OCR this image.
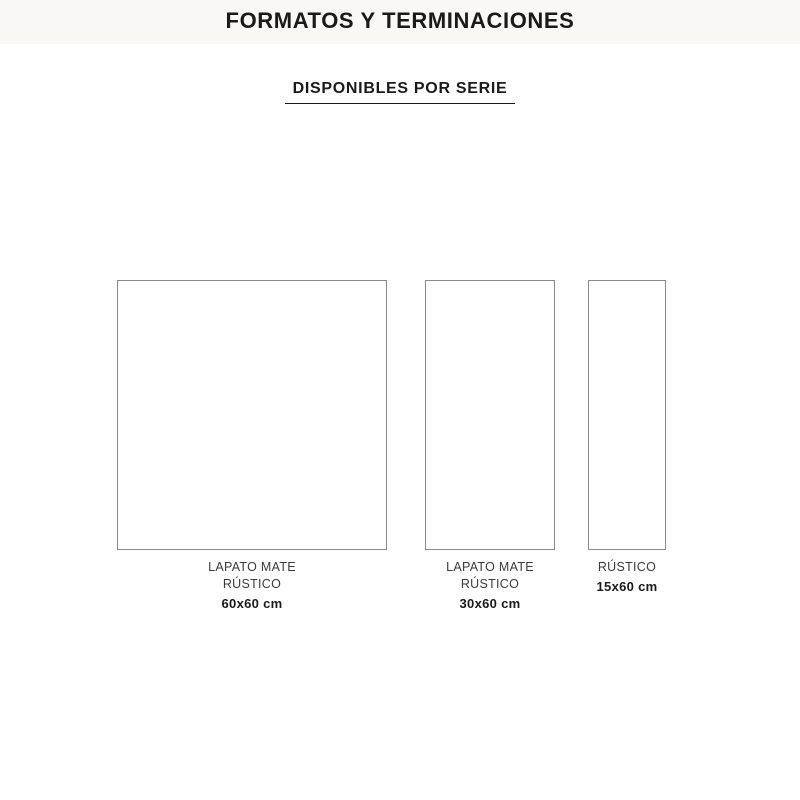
FORMATOS Y TERMINACIONES
DISPONIBLES POR SERIE
LAPATO MATE
RÚSTICO
60x60 cm
LAPATO MATE
RÚSTICO
30x60 cm
RÚSTICO
15x60 cm
